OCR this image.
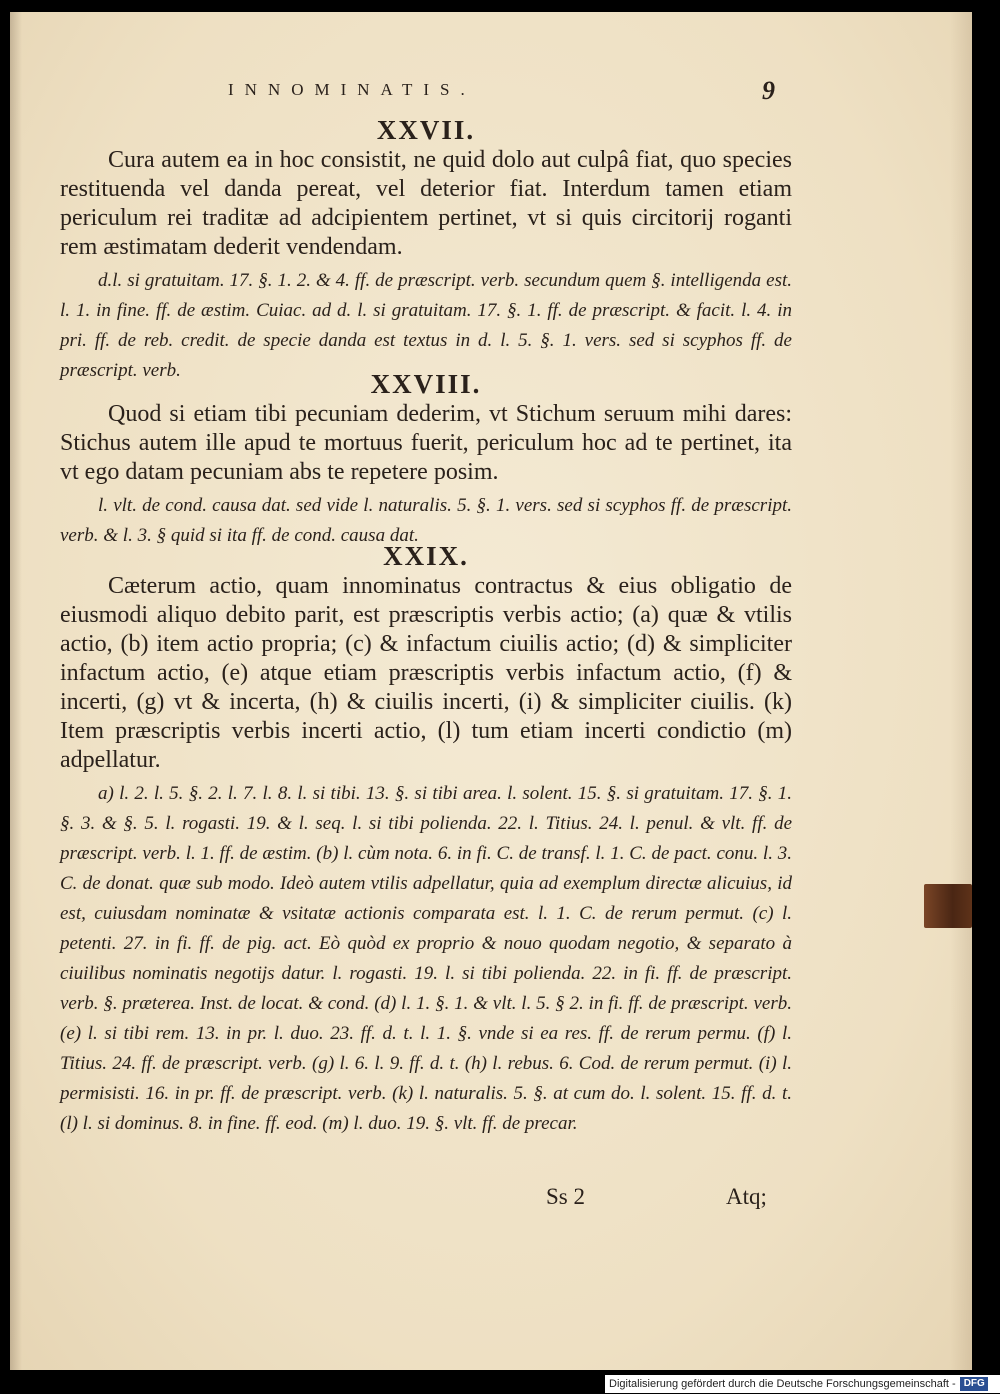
INNOMINATIS.	9
XXVII.

Cura autem ea in hoc consistit, ne quid dolo aut culpâ fiat, quo species restituenda vel danda pereat, vel deterior fiat. Interdum tamen etiam periculum rei traditæ ad adcipientem pertinet, vt si quis circitorij roganti rem æstimatam dederit vendendam.

d.l. si gratuitam. 17. §. 1. 2. & 4. ff. de præscript. verb. secundum quem §. intelligenda est. l. 1. in fine. ff. de æstim. Cuiac. ad d. l. si gratuitam. 17. §. 1. ff. de præscript. & facit. l. 4. in pri. ff. de reb. credit. de specie danda est textus in d. l. 5. §. 1. vers. sed si scyphos ff. de præscript. verb.	XXVIII.

Quod si etiam tibi pecuniam dederim, vt Stichum seruum mihi dares: Stichus autem ille apud te mortuus fuerit, periculum hoc ad te pertinet, ita vt ego datam pecuniam abs te repetere posim.

l. vlt. de cond. causa dat. sed vide l. naturalis. 5. §. 1. vers. sed si scyphos ff. de præscript. verb. & l. 3. § quid si ita ff. de cond. causa dat.

XXIX.

Cæterum actio, quam innominatus contractus & eius obligatio de eiusmodi aliquo debito parit, est præscriptis verbis actio; (a) quæ & vtilis actio, (b) item actio propria; (c) & infactum ciuilis actio; (d) & simpliciter infactum actio, (e) atque etiam præscriptis verbis infactum actio, (f) & incerti, (g) vt & incerta, (h) & ciuilis incerti, (i) & simpliciter ciuilis. (k) Item præscriptis verbis incerti actio, (l) tum etiam incerti condictio (m) adpellatur.

a) l. 2. l. 5. §. 2. l. 7. l. 8. l. si tibi. 13. §. si tibi area. l. solent. 15. §. si gratuitam. 17. §. 1. §. 3. & §. 5. l. rogasti. 19. & l. seq. l. si tibi polienda. 22. l. Titius. 24. l. penul. & vlt. ff. de præscript. verb. l. 1. ff. de æstim. (b) l. cùm nota. 6. in fi. C. de transf. l. 1. C. de pact. conu. l. 3. C. de donat. quæ sub modo. Ideò autem vtilis adpellatur, quia ad exemplum directæ alicuius, id est, cuiusdam nominatæ & vsitatæ actionis comparata est. l. 1. C. de rerum permut. (c) l. petenti. 27. in fi. ff. de pig. act. Eò quòd ex proprio & nouo quodam negotio, & separato à ciuilibus nominatis negotijs datur. l. rogasti. 19. l. si tibi polienda. 22. in fi. ff. de præscript. verb. §. præterea. Inst. de locat. & cond. (d) l. 1. §. 1. & vlt. l. 5. § 2. in fi. ff. de præscript. verb. (e) l. si tibi rem. 13. in pr. l. duo. 23. ff. d. t. l. 1. §. vnde si ea res. ff. de rerum permu. (f) l. Titius. 24. ff. de præscript. verb. (g) l. 6. l. 9. ff. d. t. (h) l. rebus. 6. Cod. de rerum permut. (i) l. permisisti. 16. in pr. ff. de præscript. verb. (k) l. naturalis. 5. §. at cum do. l. solent. 15. ff. d. t. (l) l. si dominus. 8. in fine. ff. eod. (m) l. duo. 19. §. vlt. ff. de precar.

Ss 2	Atq;
Digitalisierung gefördert durch die Deutsche Forschungsgemeinschaft - DFG
